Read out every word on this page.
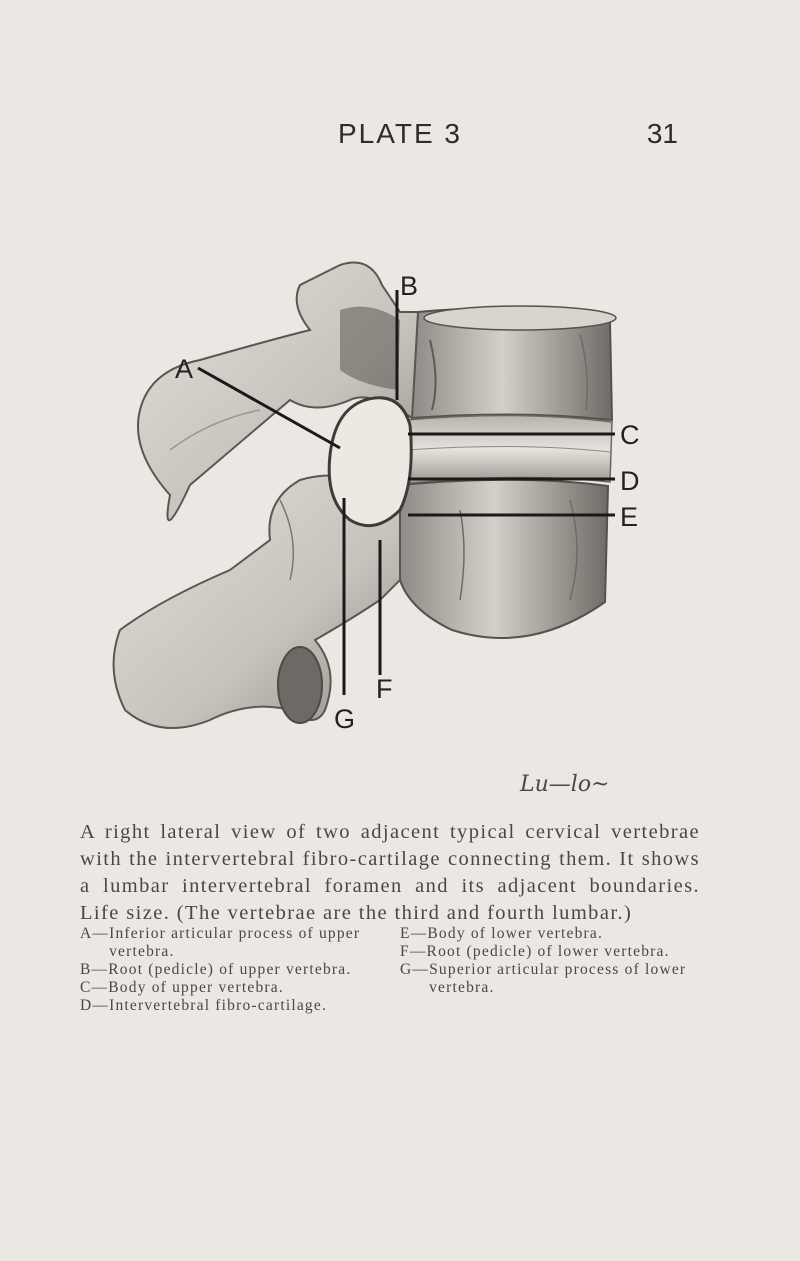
PLATE 3	31
A
B
C
D
E
F
G
Lu—lo~

A right lateral view of two adjacent typical cervical vertebrae with the intervertebral fibro-cartilage connecting them. It shows a lumbar intervertebral foramen and its adjacent boundaries. Life size. (The vertebrae are the third and fourth lumbar.)

A— Inferior articular process of upper vertebra.
B— Root (pedicle) of upper vertebra.
C— Body of upper vertebra.
D— Intervertebral fibro-cartilage.
E— Body of lower vertebra.
F— Root (pedicle) of lower vertebra.
G— Superior articular process of lower vertebra.
